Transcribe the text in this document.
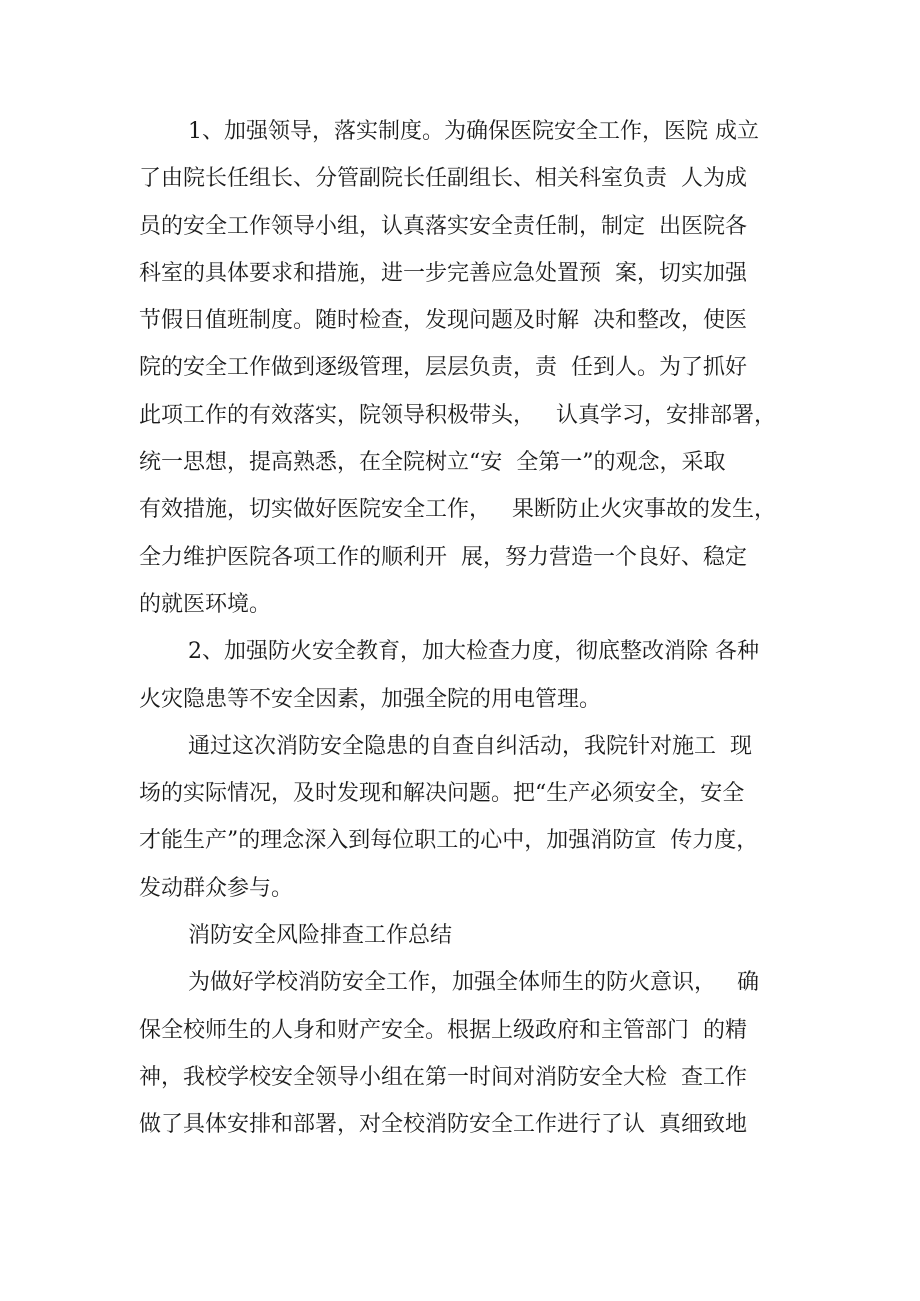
1、加强领导，落实制度。为确保医院安全工作，医院 成立
了由院长任组长、分管副院长任副组长、相关科室负责  人为成
员的安全工作领导小组，认真落实安全责任制，制定  出医院各
科室的具体要求和措施，进一步完善应急处置预  案，切实加强
节假日值班制度。随时检查，发现问题及时解  决和整改，使医
院的安全工作做到逐级管理，层层负责，责  任到人。为了抓好
此项工作的有效落实，院领导积极带头，   认真学习，安排部署，
统一思想，提高熟悉，在全院树立“安  全第一”的观念，采取
有效措施，切实做好医院安全工作，   果断防止火灾事故的发生，
全力维护医院各项工作的顺利开  展，努力营造一个良好、稳定
的就医环境。
2、加强防火安全教育，加大检查力度，彻底整改消除 各种
火灾隐患等不安全因素，加强全院的用电管理。
通过这次消防安全隐患的自查自纠活动，我院针对施工  现
场的实际情况，及时发现和解决问题。把“生产必须安全，安全
才能生产”的理念深入到每位职工的心中，加强消防宣  传力度，
发动群众参与。
消防安全风险排查工作总结
为做好学校消防安全工作，加强全体师生的防火意识，   确
保全校师生的人身和财产安全。根据上级政府和主管部门  的精
神，我校学校安全领导小组在第一时间对消防安全大检  查工作
做了具体安排和部署，对全校消防安全工作进行了认  真细致地
